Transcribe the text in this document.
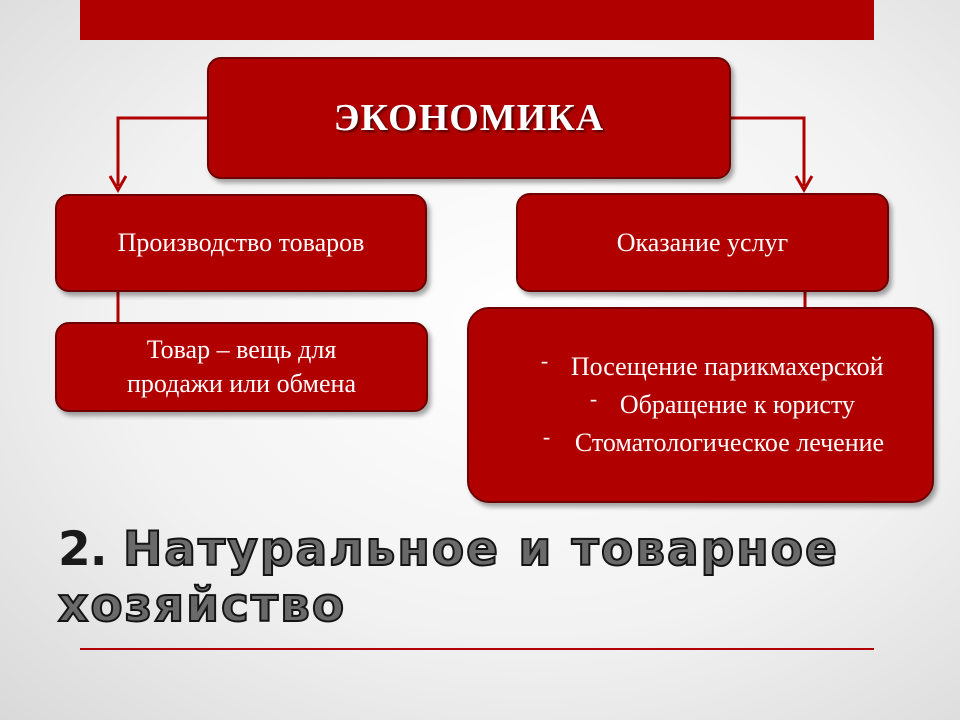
ЭКОНОМИКА
Производство товаров	Оказание услуг
Товар – вещь для
продажи или обмена
- Посещение парикмахерской
- Обращение к юристу
- Стоматологическое лечение
2. Натуральное и товарное
хозяйство
